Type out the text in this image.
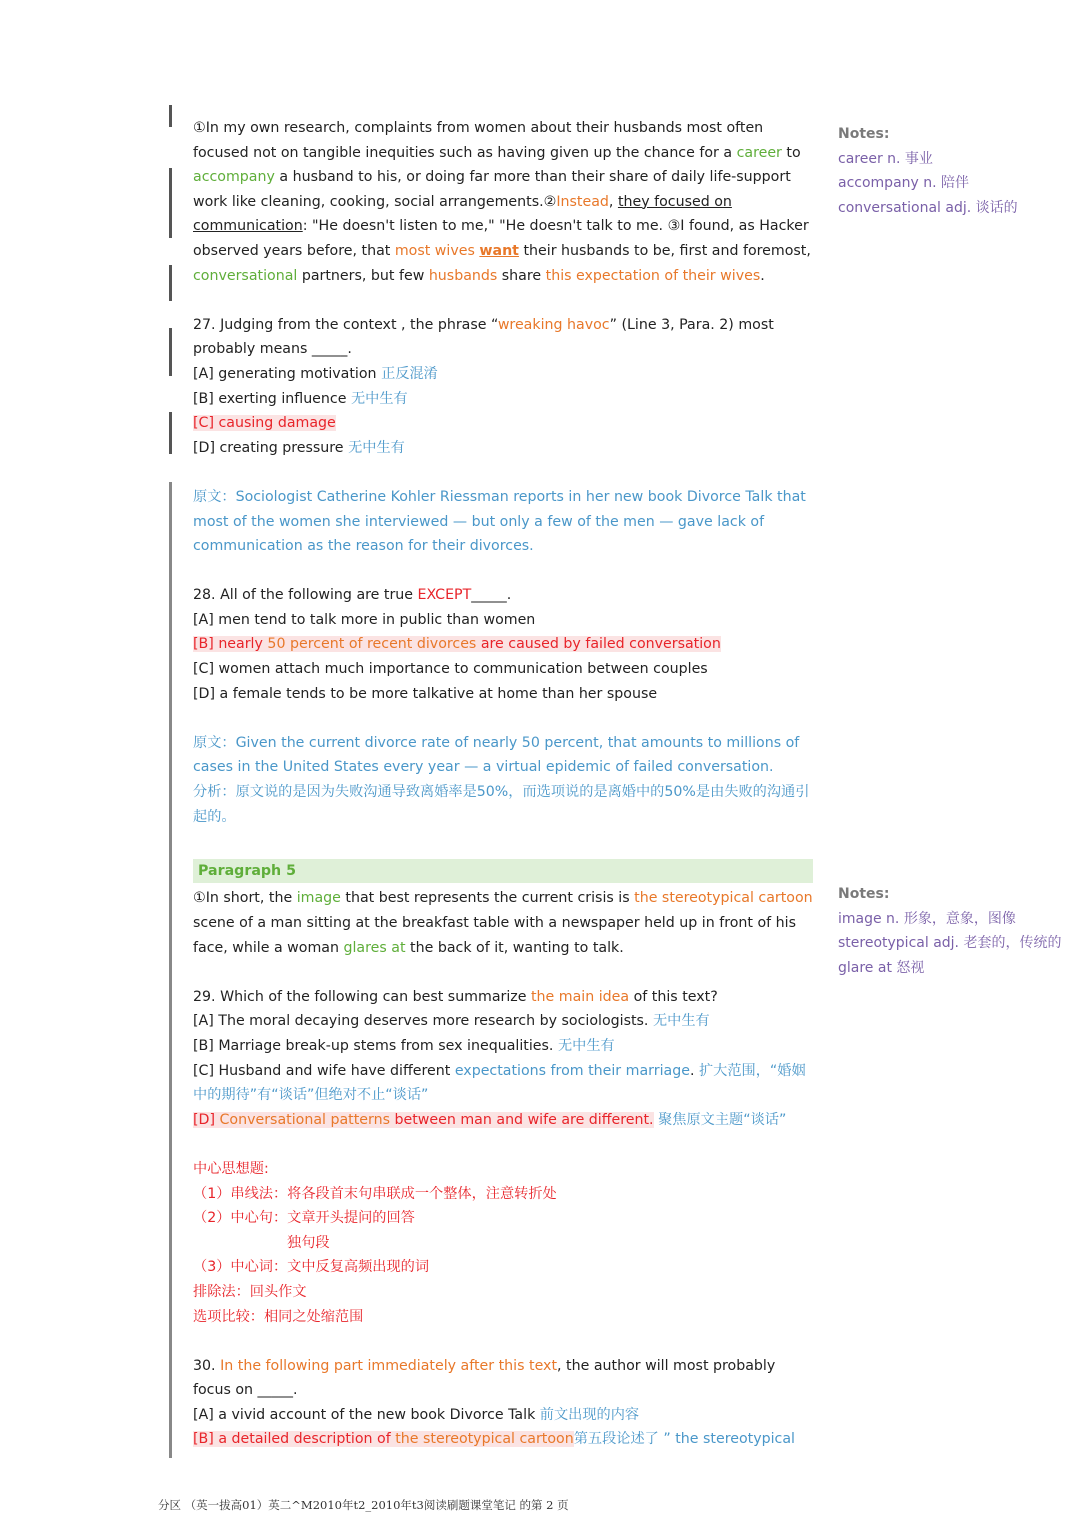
①In my own research, complaints from women about their husbands most often focused not on tangible inequities such as having given up the chance for a career to accompany a husband to his, or doing far more than their share of daily life-support work like cleaning, cooking, social arrangements.②Instead, they focused on communication: "He doesn't listen to me," "He doesn't talk to me. ③I found, as Hacker observed years before, that most wives want their husbands to be, first and foremost, conversational partners, but few husbands share this expectation of their wives.

27. Judging from the context , the phrase “wreaking havoc” (Line 3, Para. 2) most probably means _____.

[A] generating motivation 正反混淆

[B] exerting influence 无中生有

[C] causing damage

[D] creating pressure 无中生有

原文：Sociologist Catherine Kohler Riessman reports in her new book Divorce Talk that most of the women she interviewed — but only a few of the men — gave lack of communication as the reason for their divorces.

28. All of the following are true EXCEPT_____.

[A] men tend to talk more in public than women

[B] nearly 50 percent of recent divorces are caused by failed conversation

[C] women attach much importance to communication between couples

[D] a female tends to be more talkative at home than her spouse

原文：Given the current divorce rate of nearly 50 percent, that amounts to millions of cases in the United States every year — a virtual epidemic of failed conversation.

分析：原文说的是因为失败沟通导致离婚率是50%，而选项说的是离婚中的50%是由失败的沟通引起的。

Paragraph 5

①In short, the image that best represents the current crisis is the stereotypical cartoon scene of a man sitting at the breakfast table with a newspaper held up in front of his face, while a woman glares at the back of it, wanting to talk.

29. Which of the following can best summarize the main idea of this text?

[A] The moral decaying deserves more research by sociologists. 无中生有

[B] Marriage break-up stems from sex inequalities. 无中生有

[C] Husband and wife have different expectations from their marriage. 扩大范围，“婚姻中的期待”有“谈话”但绝对不止“谈话”

[D] Conversational patterns between man and wife are different. 聚焦原文主题“谈话”

中心思想题:

（1）串线法：将各段首末句串联成一个整体，注意转折处

（2）中心句：文章开头提问的回答

独句段

（3）中心词：文中反复高频出现的词

排除法：回头作文

选项比较：相同之处缩范围

30. In the following part immediately after this text, the author will most probably focus on _____.

[A] a vivid account of the new book Divorce Talk 前文出现的内容

[B] a detailed description of the stereotypical cartoon第五段论述了 ” the stereotypical

Notes:
career n. 事业
accompany n. 陪伴
conversational adj. 谈话的
Notes:
image n. 形象，意象，图像
stereotypical adj. 老套的，传统的
glare at 怒视
分区 （英一拔高01）英二^M2010年t2_2010年t3阅读刷题课堂笔记 的第 2 页
